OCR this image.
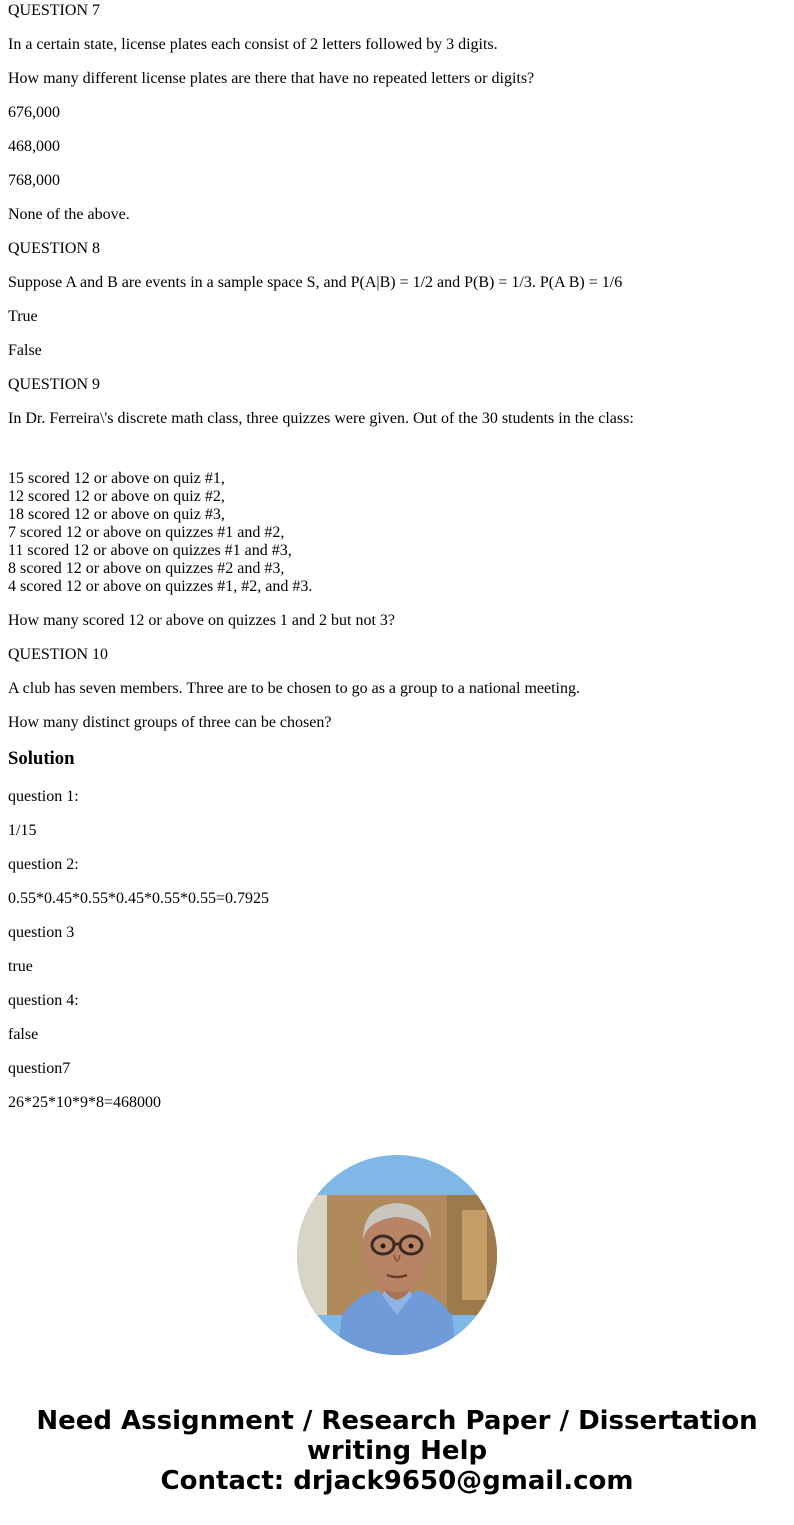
QUESTION 7

In a certain state, license plates each consist of 2 letters followed by 3 digits.

How many different license plates are there that have no repeated letters or digits?

676,000

468,000

768,000

None of the above.

QUESTION 8

Suppose A and B are events in a sample space S, and P(A|B) = 1/2 and P(B) = 1/3. P(A B) = 1/6

True

False

QUESTION 9

In Dr. Ferreira\'s discrete math class, three quizzes were given. Out of the 30 students in the class:

15 scored 12 or above on quiz #1,
12 scored 12 or above on quiz #2,
18 scored 12 or above on quiz #3,
7 scored 12 or above on quizzes #1 and #2,
11 scored 12 or above on quizzes #1 and #3,
8 scored 12 or above on quizzes #2 and #3,
4 scored 12 or above on quizzes #1, #2, and #3.

How many scored 12 or above on quizzes 1 and 2 but not 3?

QUESTION 10

A club has seven members. Three are to be chosen to go as a group to a national meeting.

How many distinct groups of three can be chosen?

Solution

question 1:

1/15

question 2:

0.55*0.45*0.55*0.45*0.55*0.55=0.7925

question 3

true

question 4:

false

question7

26*25*10*9*8=468000

Need Assignment / Research Paper / Dissertation
writing Help
Contact: drjack9650@gmail.com
